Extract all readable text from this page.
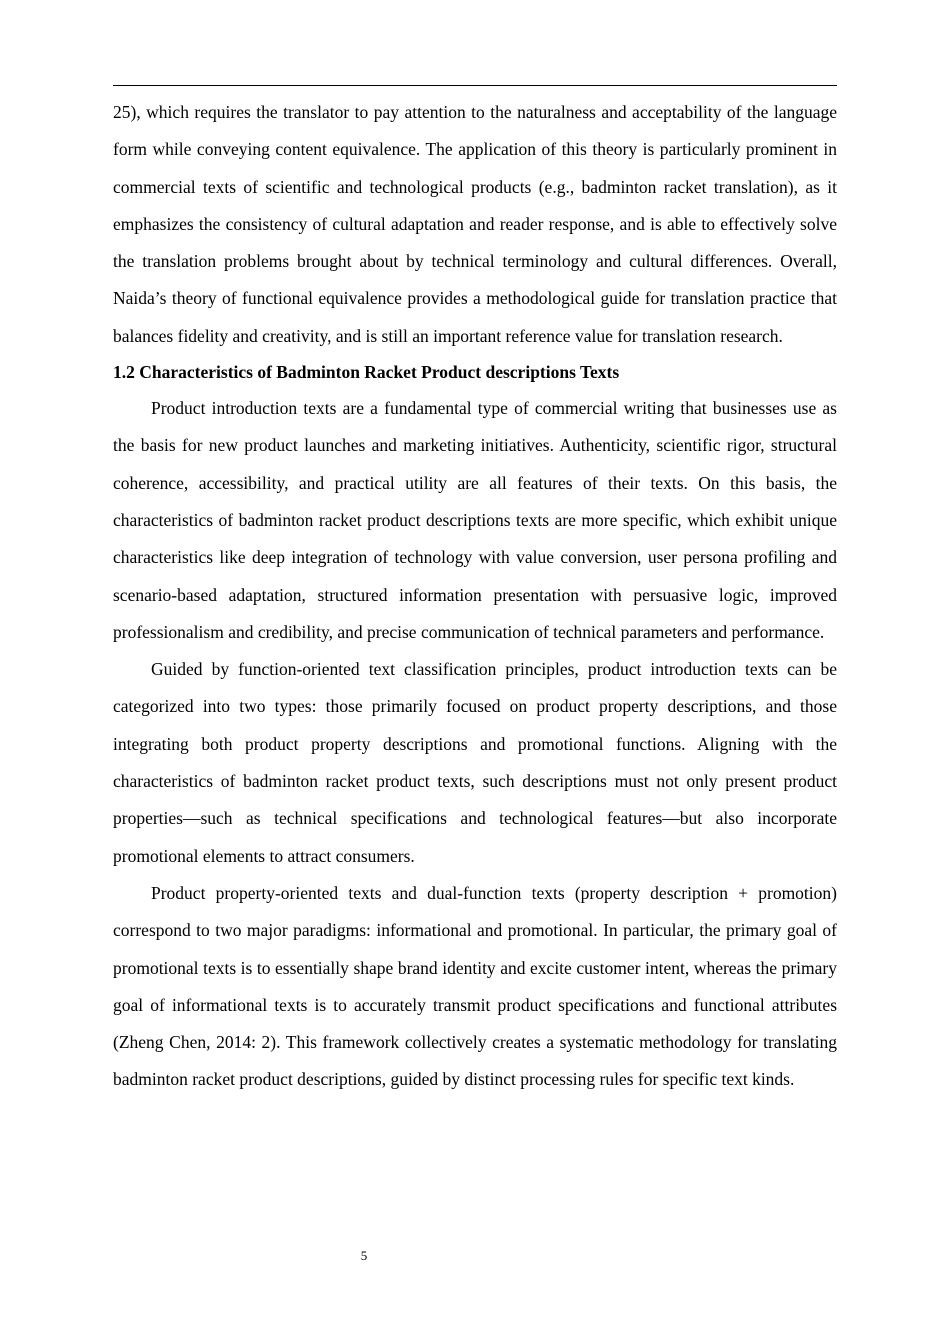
25), which requires the translator to pay attention to the naturalness and acceptability of the language form while conveying content equivalence. The application of this theory is particularly prominent in commercial texts of scientific and technological products (e.g., badminton racket translation), as it emphasizes the consistency of cultural adaptation and reader response, and is able to effectively solve the translation problems brought about by technical terminology and cultural differences. Overall, Naida’s theory of functional equivalence provides a methodological guide for translation practice that balances fidelity and creativity, and is still an important reference value for translation research.

1.2 Characteristics of Badminton Racket Product descriptions Texts

Product introduction texts are a fundamental type of commercial writing that businesses use as the basis for new product launches and marketing initiatives. Authenticity, scientific rigor, structural coherence, accessibility, and practical utility are all features of their texts. On this basis, the characteristics of badminton racket product descriptions texts are more specific, which exhibit unique characteristics like deep integration of technology with value conversion, user persona profiling and scenario-based adaptation, structured information presentation with persuasive logic, improved professionalism and credibility, and precise communication of technical parameters and performance.

Guided by function-oriented text classification principles, product introduction texts can be categorized into two types: those primarily focused on product property descriptions, and those integrating both product property descriptions and promotional functions. Aligning with the characteristics of badminton racket product texts, such descriptions must not only present product properties—such as technical specifications and technological features—but also incorporate promotional elements to attract consumers.

Product property-oriented texts and dual-function texts (property description + promotion) correspond to two major paradigms: informational and promotional. In particular, the primary goal of promotional texts is to essentially shape brand identity and excite customer intent, whereas the primary goal of informational texts is to accurately transmit product specifications and functional attributes (Zheng Chen, 2014: 2). This framework collectively creates a systematic methodology for translating badminton racket product descriptions, guided by distinct processing rules for specific text kinds.

5
